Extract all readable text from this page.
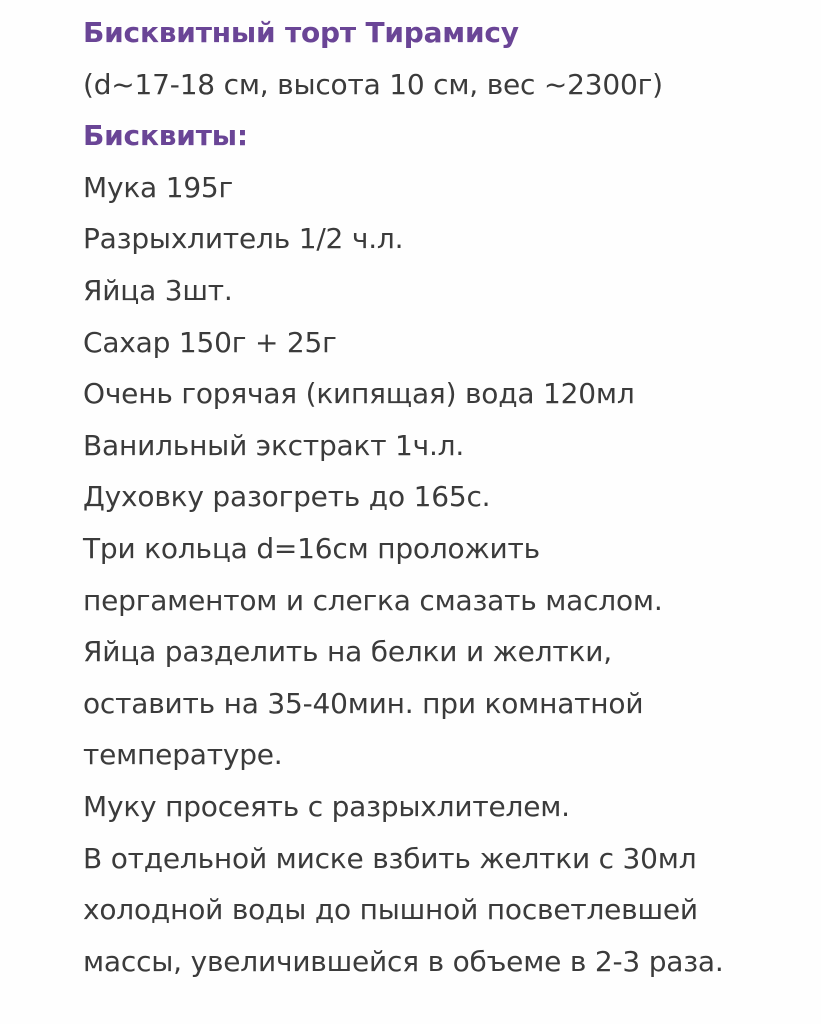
Бисквитный торт Тирамису
(d~17-18 см, высота 10 см, вес ~2300г)
Бисквиты:
Мука 195г
Разрыхлитель 1/2 ч.л.
Яйца 3шт.
Сахар 150г + 25г
Очень горячая (кипящая) вода 120мл
Ванильный экстракт 1ч.л.
Духовку разогреть до 165с.
Три кольца d=16см проложить
пергаментом и слегка смазать маслом.
Яйца разделить на белки и желтки,
оставить на 35-40мин. при комнатной
температуре.
Муку просеять с разрыхлителем.
В отдельной миске взбить желтки с 30мл
холодной воды до пышной посветлевшей
массы, увеличившейся в объеме в 2-3 раза.
